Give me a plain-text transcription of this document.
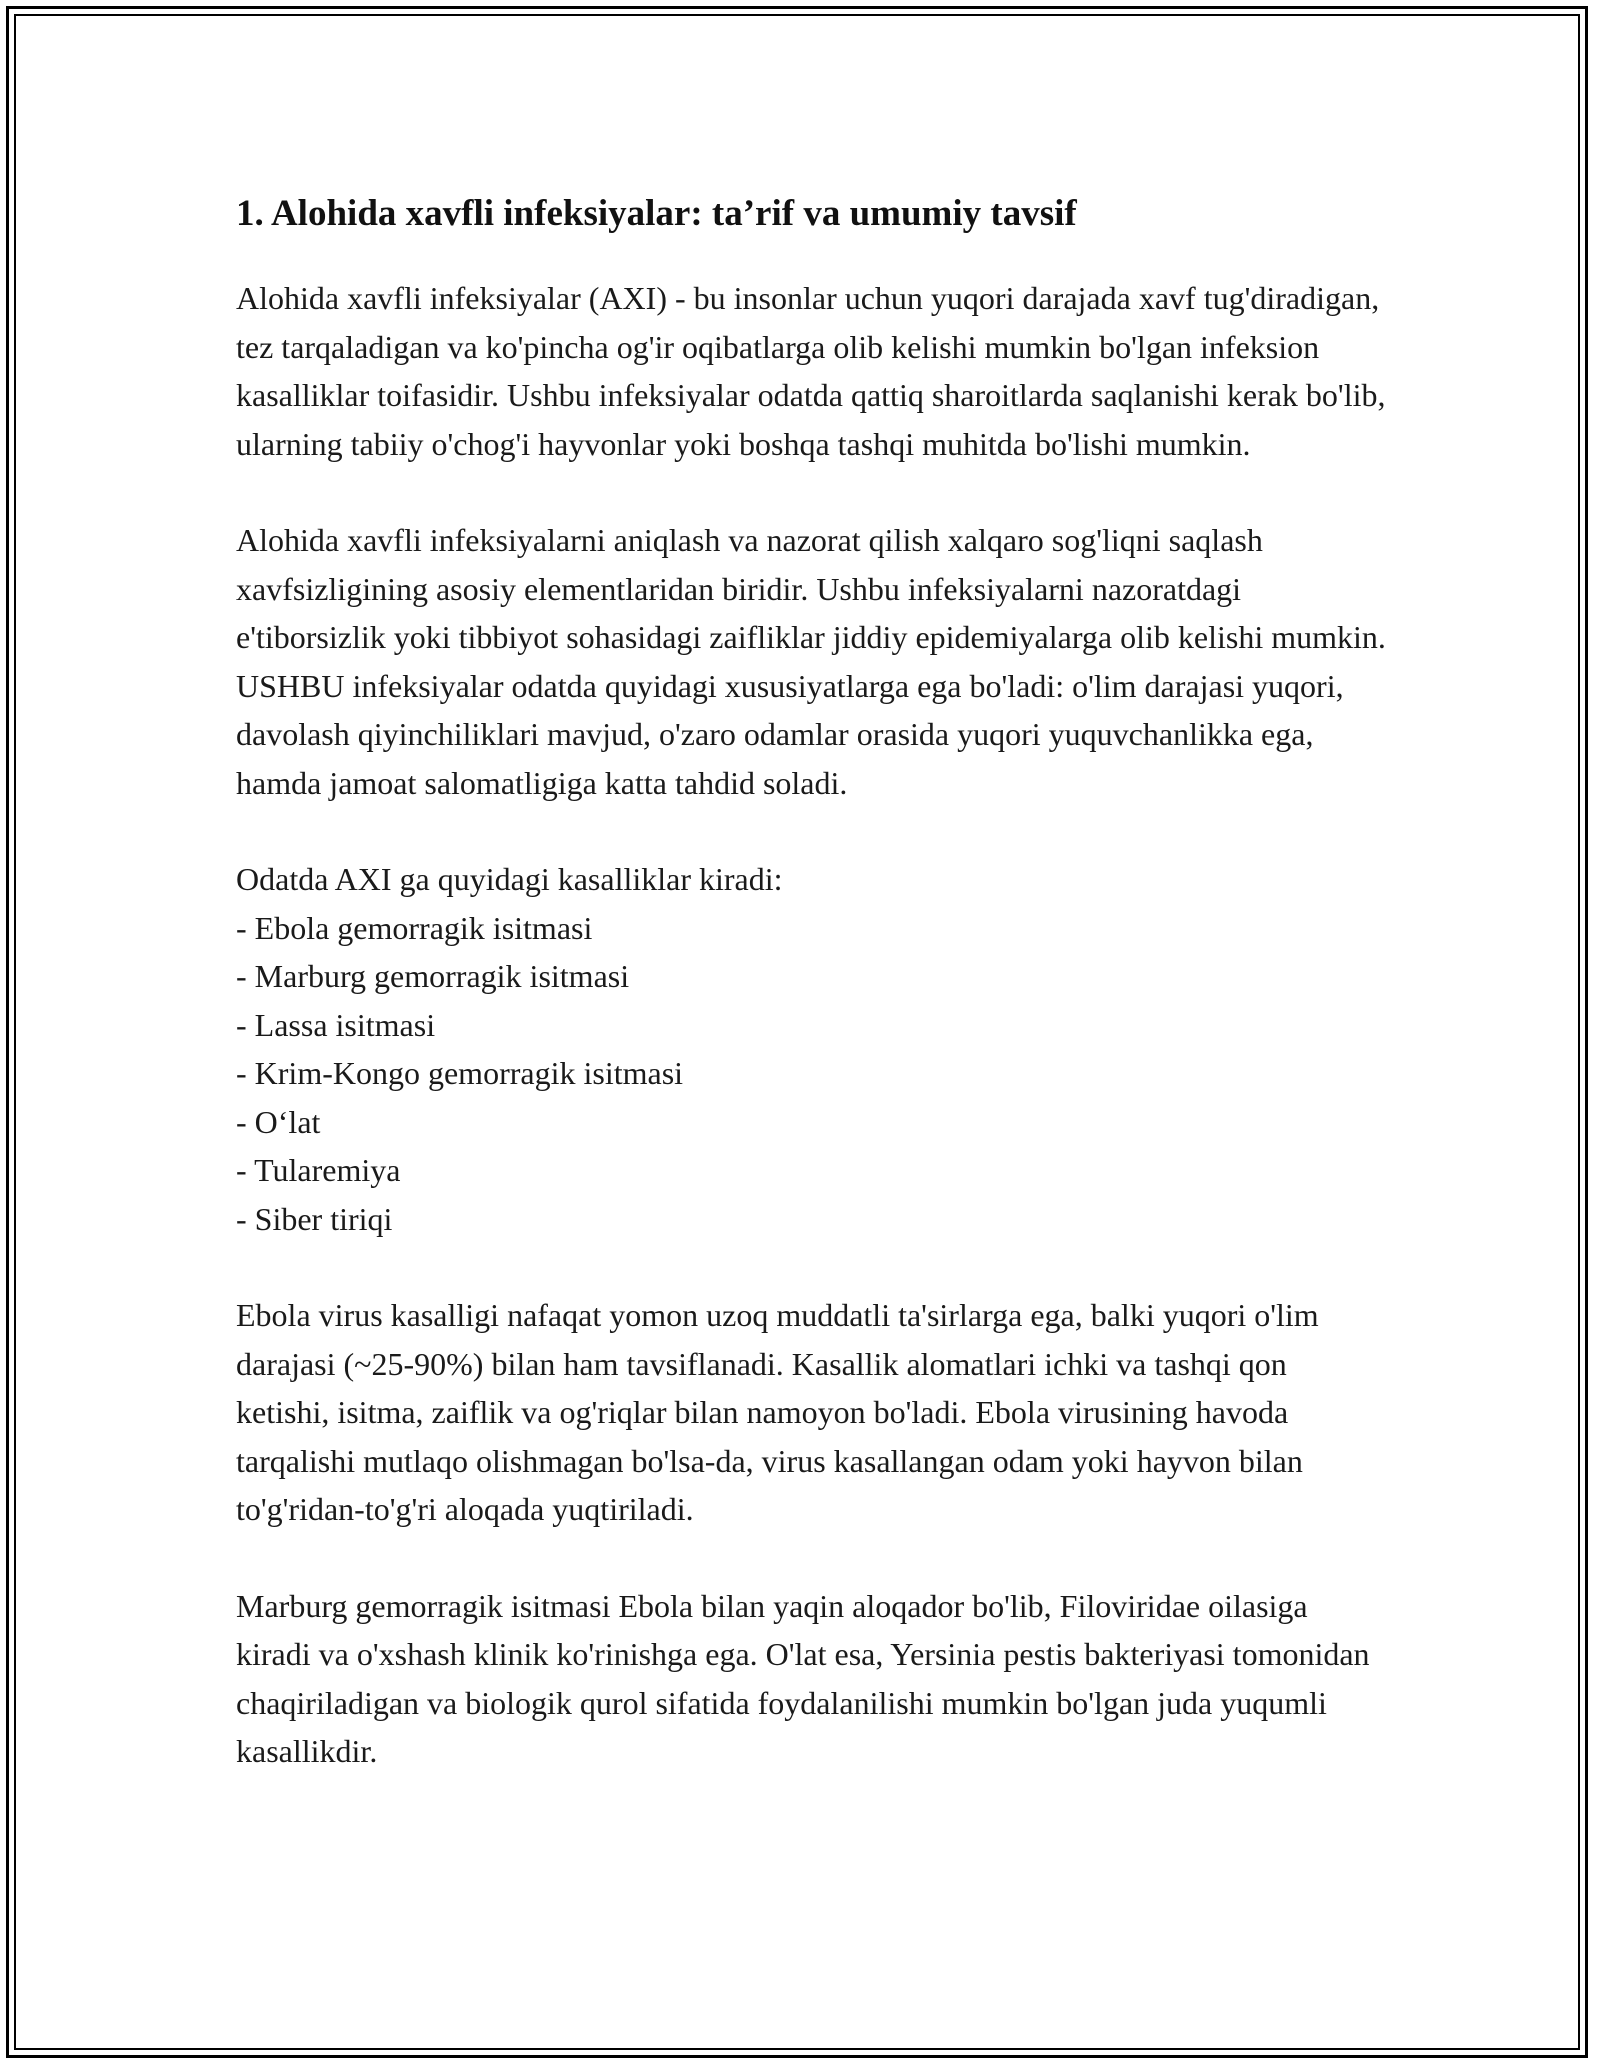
1. Alohida xavfli infeksiyalar: ta’rif va umumiy tavsif

Alohida xavfli infeksiyalar (AXI) - bu insonlar uchun yuqori darajada xavf tug'diradigan, tez tarqaladigan va ko'pincha og'ir oqibatlarga olib kelishi mumkin bo'lgan infeksion kasalliklar toifasidir. Ushbu infeksiyalar odatda qattiq sharoitlarda saqlanishi kerak bo'lib, ularning tabiiy o'chog'i hayvonlar yoki boshqa tashqi muhitda bo'lishi mumkin.

Alohida xavfli infeksiyalarni aniqlash va nazorat qilish xalqaro sog'liqni saqlash xavfsizligining asosiy elementlaridan biridir. Ushbu infeksiyalarni nazoratdagi e'tiborsizlik yoki tibbiyot sohasidagi zaifliklar jiddiy epidemiyalarga olib kelishi mumkin. USHBU infeksiyalar odatda quyidagi xususiyatlarga ega bo'ladi: o'lim darajasi yuqori, davolash qiyinchiliklari mavjud, o'zaro odamlar orasida yuqori yuquvchanlikka ega, hamda jamoat salomatligiga katta tahdid soladi.

Odatda AXI ga quyidagi kasalliklar kiradi:
- Ebola gemorragik isitmasi
- Marburg gemorragik isitmasi
- Lassa isitmasi
- Krim-Kongo gemorragik isitmasi
- O‘lat
- Tularemiya
- Siber tiriqi

Ebola virus kasalligi nafaqat yomon uzoq muddatli ta'sirlarga ega, balki yuqori o'lim darajasi (~25-90%) bilan ham tavsiflanadi. Kasallik alomatlari ichki va tashqi qon ketishi, isitma, zaiflik va og'riqlar bilan namoyon bo'ladi. Ebola virusining havoda tarqalishi mutlaqo olishmagan bo'lsa-da, virus kasallangan odam yoki hayvon bilan to'g'ridan-to'g'ri aloqada yuqtiriladi.

Marburg gemorragik isitmasi Ebola bilan yaqin aloqador bo'lib, Filoviridae oilasiga kiradi va o'xshash klinik ko'rinishga ega. O'lat esa, Yersinia pestis bakteriyasi tomonidan chaqiriladigan va biologik qurol sifatida foydalanilishi mumkin bo'lgan juda yuqumli kasallikdir.
